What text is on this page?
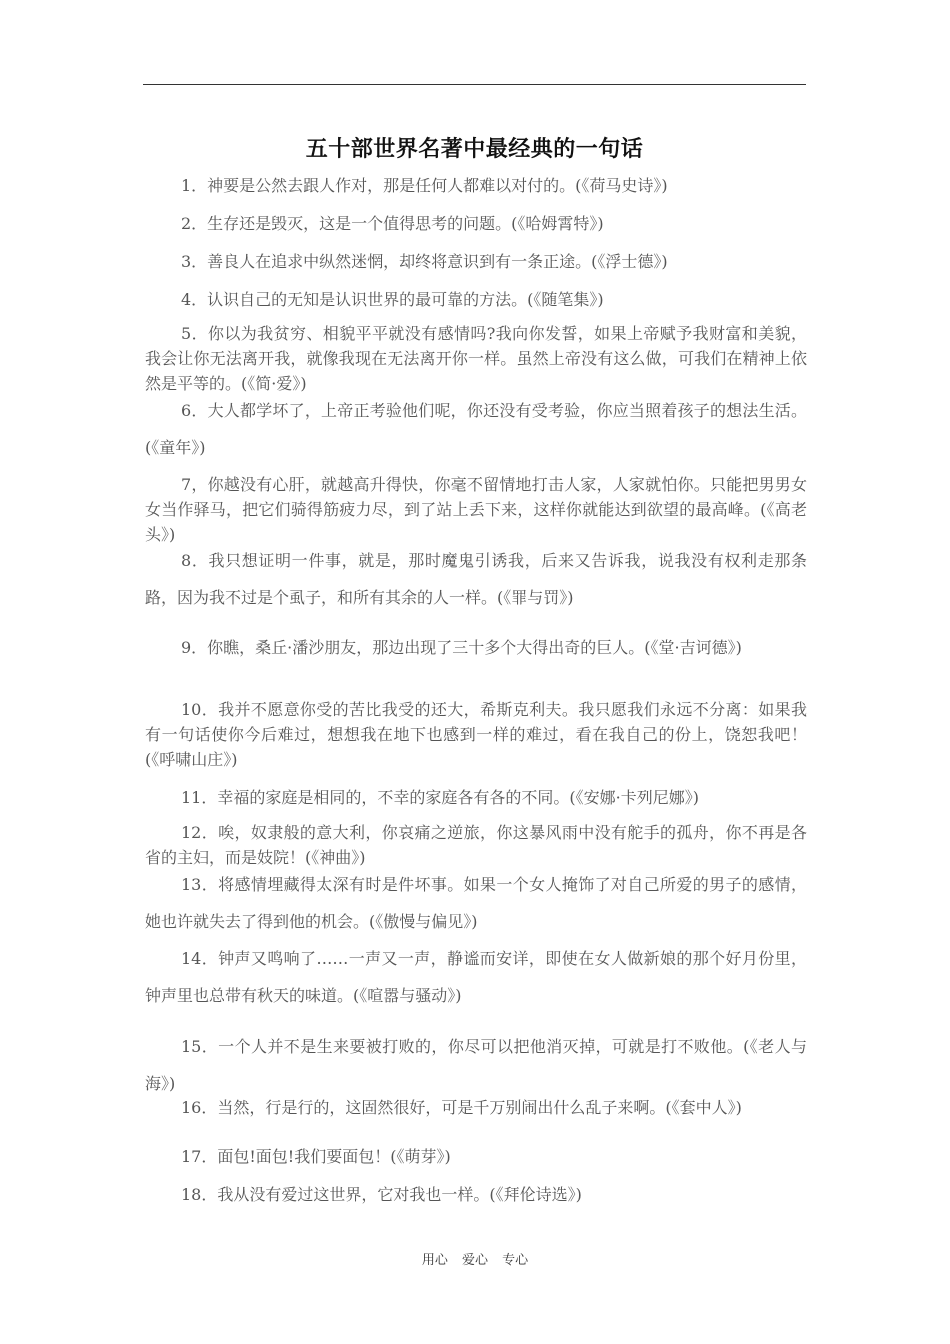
五十部世界名著中最经典的一句话

1．神要是公然去跟人作对，那是任何人都难以对付的。(《荷马史诗》)

2．生存还是毁灭，这是一个值得思考的问题。(《哈姆霄特》)

3．善良人在追求中纵然迷惘，却终将意识到有一条正途。(《浮士德》)

4．认识自己的无知是认识世界的最可靠的方法。(《随笔集》)

5．你以为我贫穷、相貌平平就没有感情吗?我向你发誓，如果上帝赋予我财富和美貌，我会让你无法离开我，就像我现在无法离开你一样。虽然上帝没有这么做，可我们在精神上依然是平等的。(《简·爱》)

6．大人都学坏了，上帝正考验他们呢，你还没有受考验，你应当照着孩子的想法生活。(《童年》)

7，你越没有心肝，就越高升得快，你毫不留情地打击人家，人家就怕你。只能把男男女女当作驿马，把它们骑得筋疲力尽，到了站上丢下来，这样你就能达到欲望的最高峰。(《高老头》)

8．我只想证明一件事，就是，那时魔鬼引诱我，后来又告诉我，说我没有权利走那条路，因为我不过是个虱子，和所有其余的人一样。(《罪与罚》)

9．你瞧，桑丘·潘沙朋友，那边出现了三十多个大得出奇的巨人。(《堂·吉诃德》)

10．我并不愿意你受的苦比我受的还大，希斯克利夫。我只愿我们永远不分离：如果我有一句话使你今后难过，想想我在地下也感到一样的难过，看在我自己的份上，饶恕我吧！(《呼啸山庄》)

11．幸福的家庭是相同的，不幸的家庭各有各的不同。(《安娜·卡列尼娜》)

12．唉，奴隶般的意大利，你哀痛之逆旅，你这暴风雨中没有舵手的孤舟，你不再是各省的主妇，而是妓院！(《神曲》)

13．将感情埋藏得太深有时是件坏事。如果一个女人掩饰了对自己所爱的男子的感情，她也许就失去了得到他的机会。(《傲慢与偏见》)

14．钟声又鸣响了……一声又一声，静谧而安详，即使在女人做新娘的那个好月份里，钟声里也总带有秋天的味道。(《喧嚣与骚动》)

15．一个人并不是生来要被打败的，你尽可以把他消灭掉，可就是打不败他。(《老人与海》)

16．当然，行是行的，这固然很好，可是千万别闹出什么乱子来啊。(《套中人》)

17．面包!面包!我们要面包！(《萌芽》)

18．我从没有爱过这世界，它对我也一样。(《拜伦诗选》)

用心 爱心 专心
